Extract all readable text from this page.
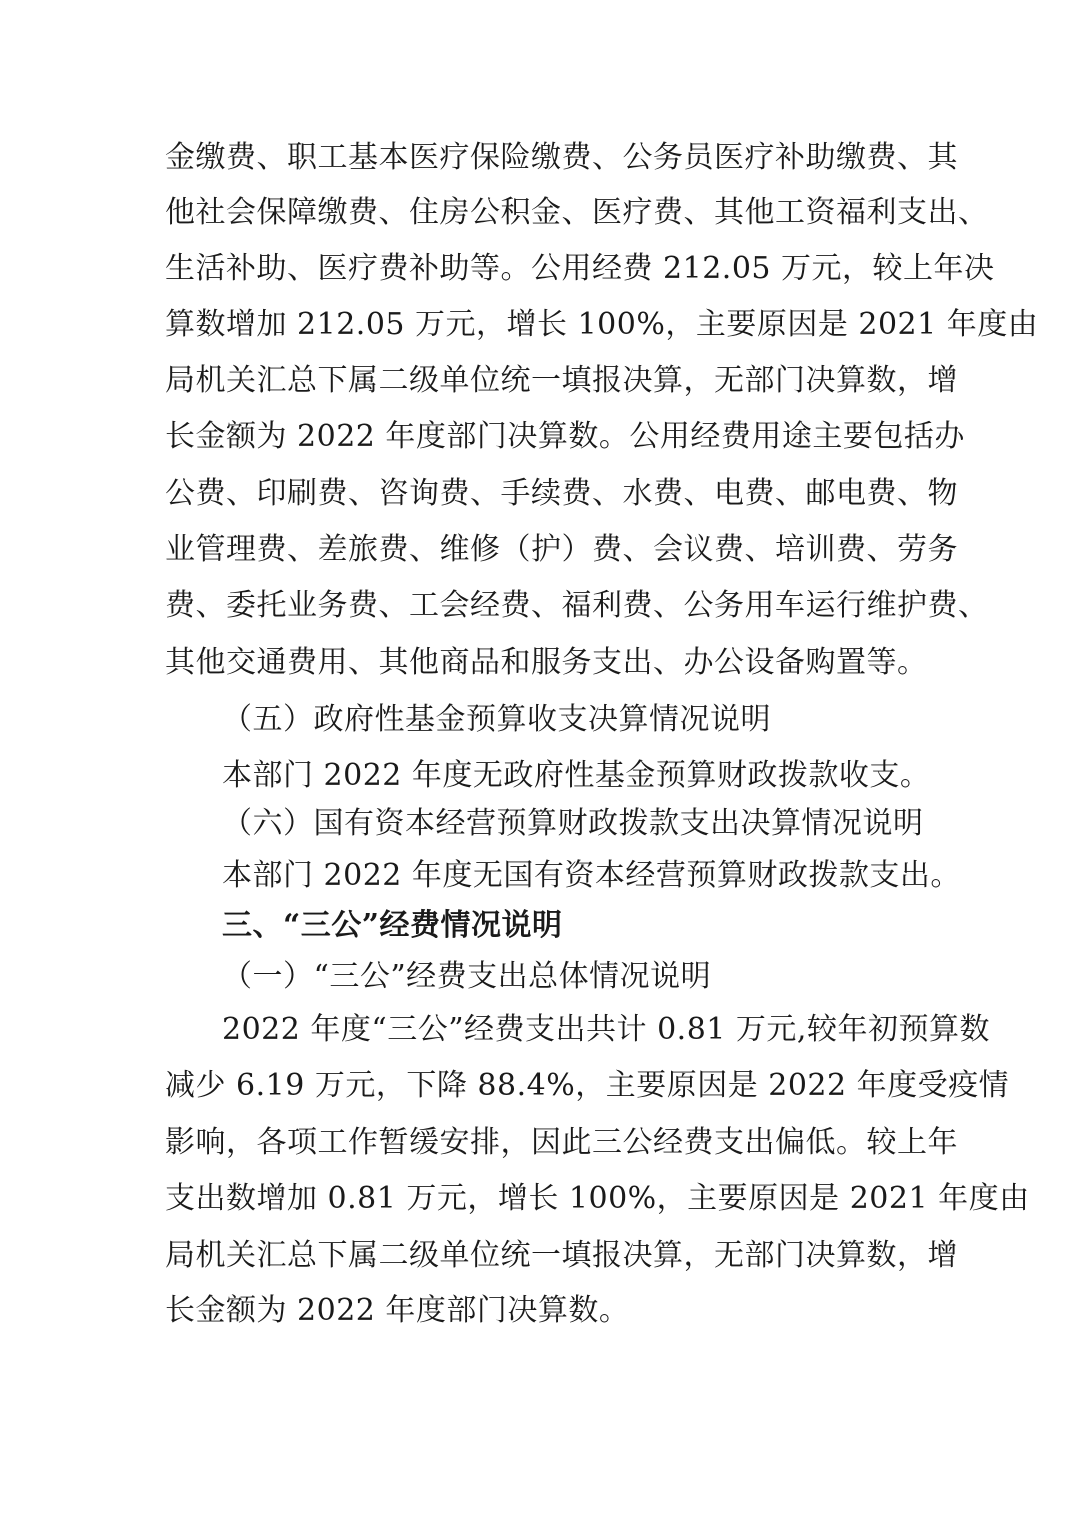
金缴费、职工基本医疗保险缴费、公务员医疗补助缴费、其
他社会保障缴费、住房公积金、医疗费、其他工资福利支出、
生活补助、医疗费补助等。公用经费 212.05 万元，较上年决
算数增加 212.05 万元，增长 100%，主要原因是 2021 年度由
局机关汇总下属二级单位统一填报决算，无部门决算数，增
长金额为 2022 年度部门决算数。公用经费用途主要包括办
公费、印刷费、咨询费、手续费、水费、电费、邮电费、物
业管理费、差旅费、维修（护）费、会议费、培训费、劳务
费、委托业务费、工会经费、福利费、公务用车运行维护费、
其他交通费用、其他商品和服务支出、办公设备购置等。
（五）政府性基金预算收支决算情况说明
本部门 2022 年度无政府性基金预算财政拨款收支。
（六）国有资本经营预算财政拨款支出决算情况说明
本部门 2022 年度无国有资本经营预算财政拨款支出。
三、“三公”经费情况说明
（一）“三公”经费支出总体情况说明
2022 年度“三公”经费支出共计 0.81 万元,较年初预算数
减少 6.19 万元，下降 88.4%，主要原因是 2022 年度受疫情
影响，各项工作暂缓安排，因此三公经费支出偏低。较上年
支出数增加 0.81 万元，增长 100%，主要原因是 2021 年度由
局机关汇总下属二级单位统一填报决算，无部门决算数，增
长金额为 2022 年度部门决算数。
